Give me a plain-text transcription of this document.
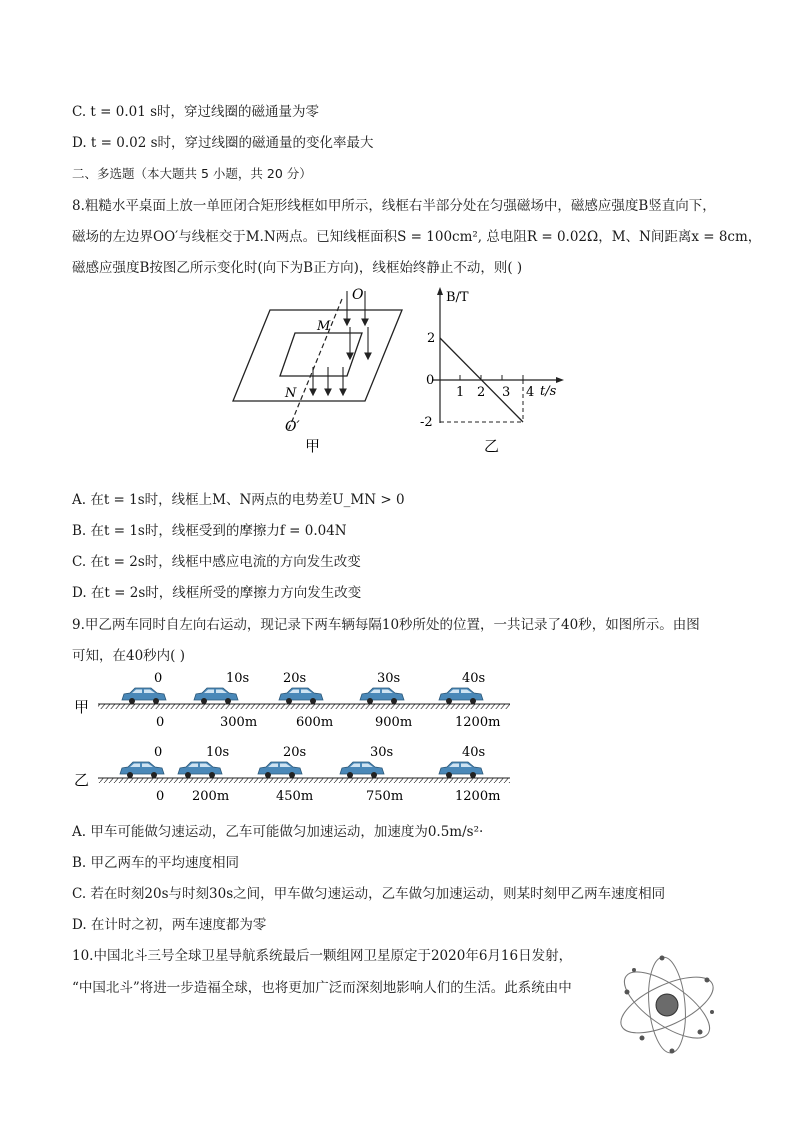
C. t = 0.01 s时，穿过线圈的磁通量为零
D. t = 0.02 s时，穿过线圈的磁通量的变化率最大
二、多选题（本大题共 5 小题，共 20 分）
8.粗糙水平桌面上放一单匝闭合矩形线框如甲所示，线框右半部分处在匀强磁场中，磁感应强度B竖直向下，
磁场的左边界OO′与线框交于M.N两点。已知线框面积S = 100cm², 总电阻R = 0.02Ω，M、N间距离x = 8cm，
磁感应强度B按图乙所示变化时(向下为B正方向)，线框始终静止不动，则( )
O
M
N
O′
甲
B/T
t/s
0
2
-2
1 2 3 4
乙
A. 在t = 1s时，线框上M、N两点的电势差U_MN > 0
B. 在t = 1s时，线框受到的摩擦力f = 0.04N
C. 在t = 2s时，线框中感应电流的方向发生改变
D. 在t = 2s时，线框所受的摩擦力方向发生改变
9.甲乙两车同时自左向右运动，现记录下两车辆每隔10秒所处的位置，一共记录了40秒，如图所示。由图
可知，在40秒内( )
甲
乙
0
0
10s
300m
20s
600m
30s
900m
40s
1200m
0
0
10s
200m
20s
450m
30s
750m
40s
1200m
A. 甲车可能做匀速运动，乙车可能做匀加速运动，加速度为0.5m/s²·
B. 甲乙两车的平均速度相同
C. 若在时刻20s与时刻30s之间，甲车做匀速运动，乙车做匀加速运动，则某时刻甲乙两车速度相同
D. 在计时之初，两车速度都为零
10.中国北斗三号全球卫星导航系统最后一颗组网卫星原定于2020年6月16日发射，
“中国北斗”将进一步造福全球，也将更加广泛而深刻地影响人们的生活。此系统由中
